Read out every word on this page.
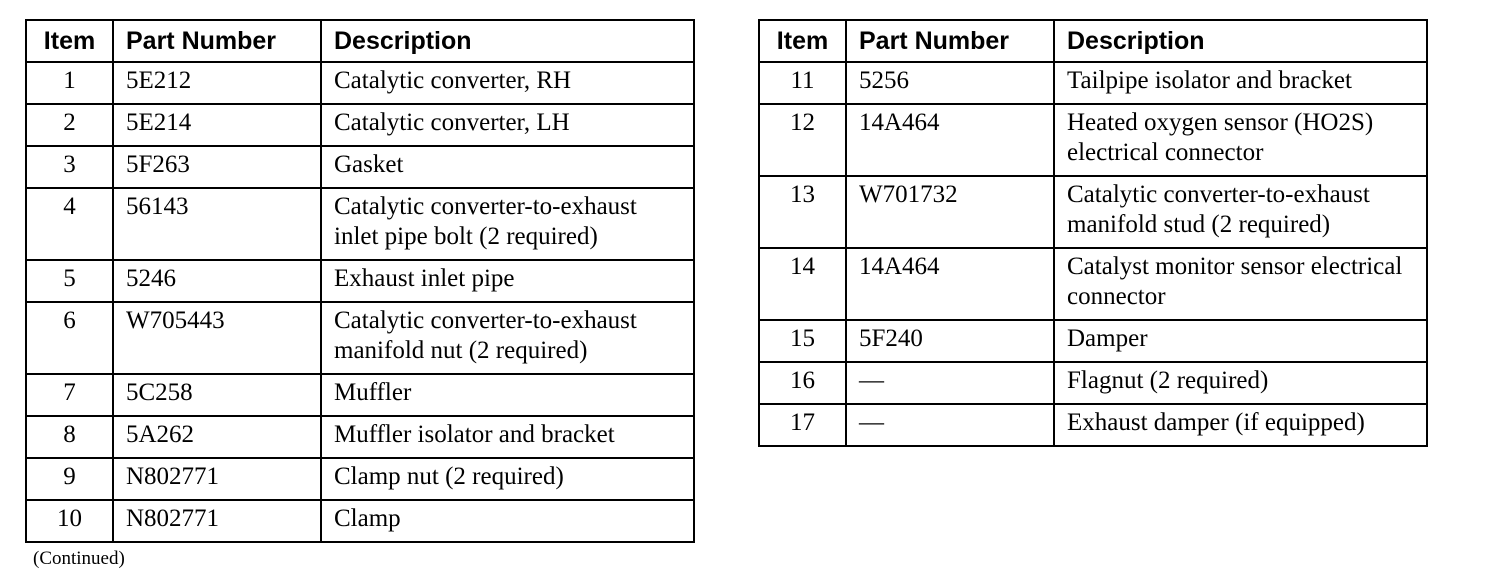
Item	Part Number	Description
1	5E212	Catalytic converter, RH
2	5E214	Catalytic converter, LH
3	5F263	Gasket
4	56143	Catalytic converter-to-exhaust inlet pipe bolt (2 required)
5	5246	Exhaust inlet pipe
6	W705443	Catalytic converter-to-exhaust manifold nut (2 required)
7	5C258	Muffler
8	5A262	Muffler isolator and bracket
9	N802771	Clamp nut (2 required)
10	N802771	Clamp
Item	Part Number	Description
11	5256	Tailpipe isolator and bracket
12	14A464	Heated oxygen sensor (HO2S) electrical connector
13	W701732	Catalytic converter-to-exhaust manifold stud (2 required)
14	14A464	Catalyst monitor sensor electrical connector
15	5F240	Damper
16	—	Flagnut (2 required)
17	—	Exhaust damper (if equipped)
(Continued)
